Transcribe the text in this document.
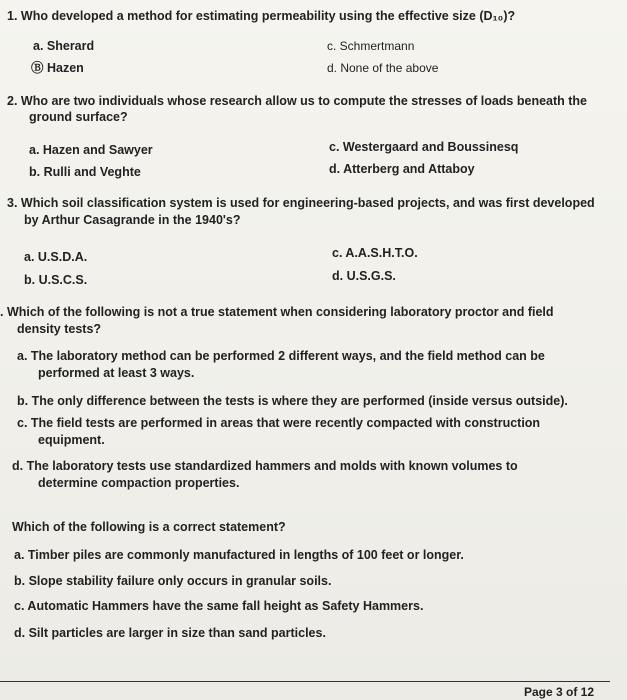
1. Who developed a method for estimating permeability using the effective size (D₁₀)?
a. Sherard	c. Schmertmann
Ⓑ Hazen	d. None of the above
2. Who are two individuals whose research allow us to compute the stresses of loads beneath the
ground surface?
a. Hazen and Sawyer	c. Westergaard and Boussinesq
b. Rulli and Veghte	d. Atterberg and Attaboy
3. Which soil classification system is used for engineering-based projects, and was first developed
by Arthur Casagrande in the 1940's?
a. U.S.D.A.	c. A.A.S.H.T.O.
b. U.S.C.S.	d. U.S.G.S.
. Which of the following is not a true statement when considering laboratory proctor and field
density tests?
a. The laboratory method can be performed 2 different ways, and the field method can be
performed at least 3 ways.
b. The only difference between the tests is where they are performed (inside versus outside).
c. The field tests are performed in areas that were recently compacted with construction
equipment.
d. The laboratory tests use standardized hammers and molds with known volumes to
determine compaction properties.
Which of the following is a correct statement?
a. Timber piles are commonly manufactured in lengths of 100 feet or longer.
b. Slope stability failure only occurs in granular soils.
c. Automatic Hammers have the same fall height as Safety Hammers.
d. Silt particles are larger in size than sand particles.
Page 3 of 12
